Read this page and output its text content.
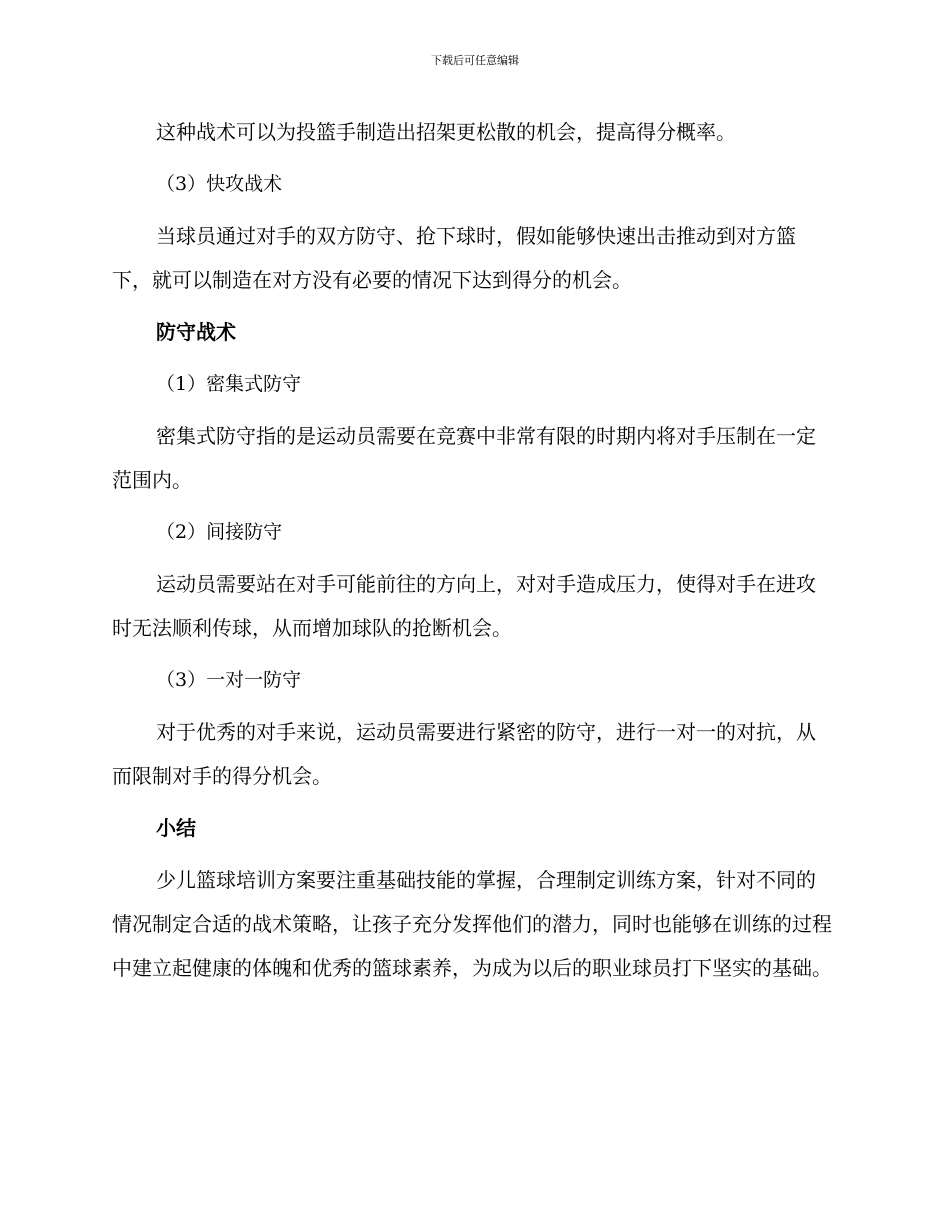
下载后可任意编辑

这种战术可以为投篮手制造出招架更松散的机会，提高得分概率。

（3）快攻战术

当球员通过对手的双方防守、抢下球时，假如能够快速出击推动到对方篮下，就可以制造在对方没有必要的情况下达到得分的机会。

防守战术

（1）密集式防守

密集式防守指的是运动员需要在竞赛中非常有限的时期内将对手压制在一定范围内。

（2）间接防守

运动员需要站在对手可能前往的方向上，对对手造成压力，使得对手在进攻时无法顺利传球，从而增加球队的抢断机会。

（3）一对一防守

对于优秀的对手来说，运动员需要进行紧密的防守，进行一对一的对抗，从而限制对手的得分机会。

小结

少儿篮球培训方案要注重基础技能的掌握，合理制定训练方案，针对不同的情况制定合适的战术策略，让孩子充分发挥他们的潜力，同时也能够在训练的过程中建立起健康的体魄和优秀的篮球素养，为成为以后的职业球员打下坚实的基础。
